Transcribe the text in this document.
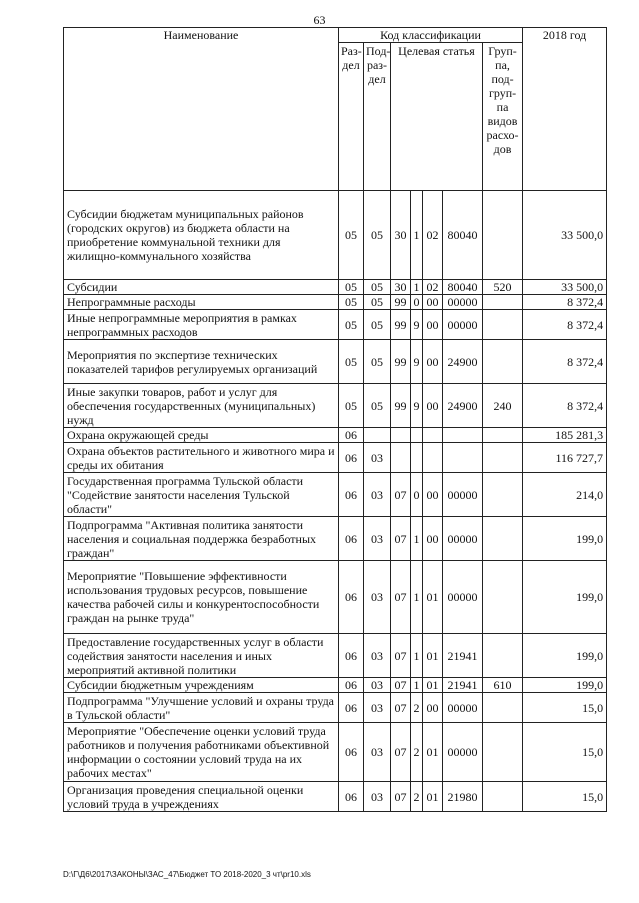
63
Наименование	Код классификации							2018 год
	Раз-дел	Под-раз-дел	Целевая статья				Груп-па, под-груп-па видов расхо-дов	
Субсидии бюджетам муниципальных районов (городских округов) из бюджета области на приобретение коммунальной техники для жилищно-коммунального хозяйства	05	05	30	1	02	80040		33 500,0
Субсидии	05	05	30	1	02	80040	520	33 500,0
Непрограммные расходы	05	05	99	0	00	00000		8 372,4
Иные непрограммные мероприятия в рамках непрограммных расходов	05	05	99	9	00	00000		8 372,4
Мероприятия по экспертизе технических показателей тарифов регулируемых организаций	05	05	99	9	00	24900		8 372,4
Иные закупки товаров, работ и услуг для обеспечения государственных (муниципальных) нужд	05	05	99	9	00	24900	240	8 372,4
Охрана окружающей среды	06							185 281,3
Охрана объектов растительного и животного мира и среды их обитания	06	03						116 727,7
Государственная программа Тульской области "Содействие занятости населения Тульской области"	06	03	07	0	00	00000		214,0
Подпрограмма "Активная политика занятости населения и социальная поддержка безработных граждан"	06	03	07	1	00	00000		199,0
Мероприятие "Повышение эффективности использования трудовых ресурсов, повышение качества рабочей силы и конкурентоспособности граждан на рынке труда"	06	03	07	1	01	00000		199,0
Предоставление государственных услуг в области содействия занятости населения и иных мероприятий активной политики	06	03	07	1	01	21941		199,0
Субсидии бюджетным учреждениям	06	03	07	1	01	21941	610	199,0
Подпрограмма "Улучшение условий и охраны труда в Тульской области"	06	03	07	2	00	00000		15,0
Мероприятие "Обеспечение оценки условий труда работников и получения работниками объективной информации о состоянии условий труда на их рабочих местах"	06	03	07	2	01	00000		15,0
Организация проведения специальной оценки условий труда в учреждениях	06	03	07	2	01	21980		15,0
D:\Г\Д6\2017\ЗАКОНЫ\ЗАС_47\Бюджет ТО 2018-2020_3 чт\pr10.xls
